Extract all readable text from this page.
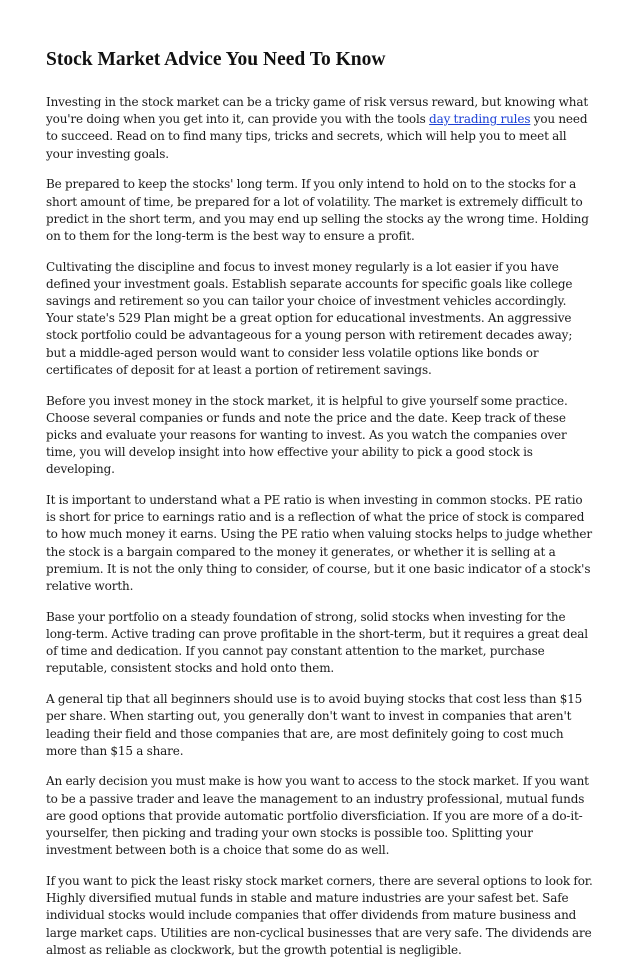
Stock Market Advice You Need To Know

Investing in the stock market can be a tricky game of risk versus reward, but knowing what you're doing when you get into it, can provide you with the tools day trading rules you need to succeed. Read on to find many tips, tricks and secrets, which will help you to meet all your investing goals.

Be prepared to keep the stocks' long term. If you only intend to hold on to the stocks for a short amount of time, be prepared for a lot of volatility. The market is extremely difficult to predict in the short term, and you may end up selling the stocks ay the wrong time. Holding on to them for the long-term is the best way to ensure a profit.

Cultivating the discipline and focus to invest money regularly is a lot easier if you have defined your investment goals. Establish separate accounts for specific goals like college savings and retirement so you can tailor your choice of investment vehicles accordingly. Your state's 529 Plan might be a great option for educational investments. An aggressive stock portfolio could be advantageous for a young person with retirement decades away; but a middle-aged person would want to consider less volatile options like bonds or certificates of deposit for at least a portion of retirement savings.

Before you invest money in the stock market, it is helpful to give yourself some practice. Choose several companies or funds and note the price and the date. Keep track of these picks and evaluate your reasons for wanting to invest. As you watch the companies over time, you will develop insight into how effective your ability to pick a good stock is developing.

It is important to understand what a PE ratio is when investing in common stocks. PE ratio is short for price to earnings ratio and is a reflection of what the price of stock is compared to how much money it earns. Using the PE ratio when valuing stocks helps to judge whether the stock is a bargain compared to the money it generates, or whether it is selling at a premium. It is not the only thing to consider, of course, but it one basic indicator of a stock's relative worth.

Base your portfolio on a steady foundation of strong, solid stocks when investing for the long-term. Active trading can prove profitable in the short-term, but it requires a great deal of time and dedication. If you cannot pay constant attention to the market, purchase reputable, consistent stocks and hold onto them.

A general tip that all beginners should use is to avoid buying stocks that cost less than $15 per share. When starting out, you generally don't want to invest in companies that aren't leading their field and those companies that are, are most definitely going to cost much more than $15 a share.

An early decision you must make is how you want to access to the stock market. If you want to be a passive trader and leave the management to an industry professional, mutual funds are good options that provide automatic portfolio diversficiation. If you are more of a do-it-yourselfer, then picking and trading your own stocks is possible too. Splitting your investment between both is a choice that some do as well.

If you want to pick the least risky stock market corners, there are several options to look for. Highly diversified mutual funds in stable and mature industries are your safest bet. Safe individual stocks would include companies that offer dividends from mature business and large market caps. Utilities are non-cyclical businesses that are very safe. The dividends are almost as reliable as clockwork, but the growth potential is negligible.
